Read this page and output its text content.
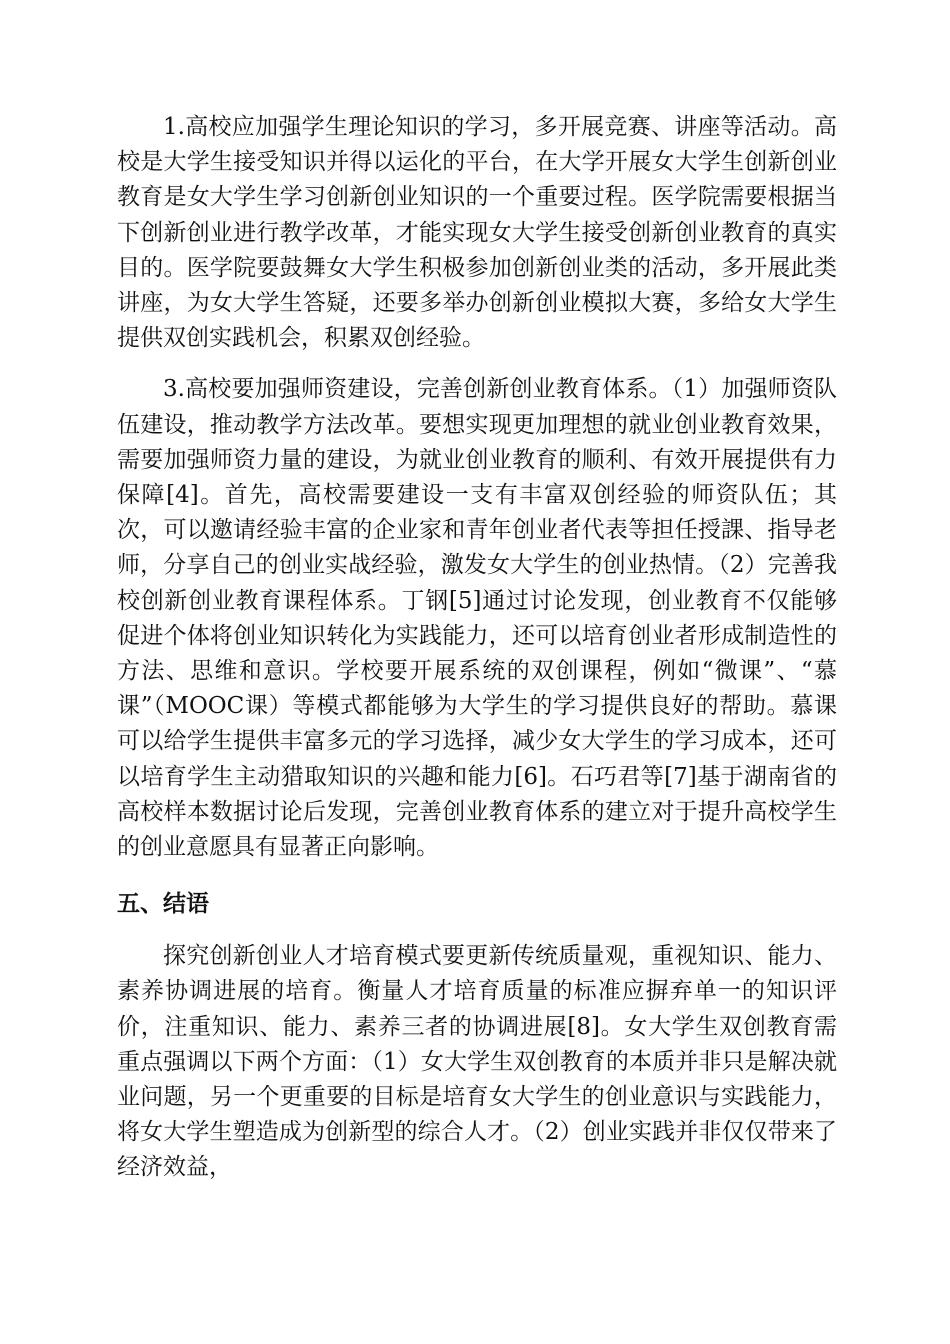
1.高校应加强学生理论知识的学习，多开展竞赛、讲座等活动。高校是大学生接受知识并得以运化的平台，在大学开展女大学生创新创业教育是女大学生学习创新创业知识的一个重要过程。医学院需要根据当下创新创业进行教学改革，才能实现女大学生接受创新创业教育的真实目的。医学院要鼓舞女大学生积极参加创新创业类的活动，多开展此类讲座，为女大学生答疑，还要多举办创新创业模拟大赛，多给女大学生提供双创实践机会，积累双创经验。

3.高校要加强师资建设，完善创新创业教育体系。（1）加强师资队伍建设，推动教学方法改革。要想实现更加理想的就业创业教育效果，需要加强师资力量的建设，为就业创业教育的顺利、有效开展提供有力保障[4]。首先，高校需要建设一支有丰富双创经验的师资队伍；其次，可以邀请经验丰富的企业家和青年创业者代表等担任授課、指导老师，分享自己的创业实战经验，激发女大学生的创业热情。（2）完善我校创新创业教育课程体系。丁钢[5]通过讨论发现，创业教育不仅能够促进个体将创业知识转化为实践能力，还可以培育创业者形成制造性的方法、思维和意识。学校要开展系统的双创课程，例如“微课”、“慕课”（MOOC课）等模式都能够为大学生的学习提供良好的帮助。慕课可以给学生提供丰富多元的学习选择，减少女大学生的学习成本，还可以培育学生主动猎取知识的兴趣和能力[6]。石巧君等[7]基于湖南省的高校样本数据讨论后发现，完善创业教育体系的建立对于提升高校学生的创业意愿具有显著正向影响。

五、结语

探究创新创业人才培育模式要更新传统质量观，重视知识、能力、素养协调进展的培育。衡量人才培育质量的标准应摒弃单一的知识评价，注重知识、能力、素养三者的协调进展[8]。女大学生双创教育需重点强调以下两个方面：（1）女大学生双创教育的本质并非只是解决就业问题，另一个更重要的目标是培育女大学生的创业意识与实践能力，将女大学生塑造成为创新型的综合人才。（2）创业实践并非仅仅带来了经济效益，
